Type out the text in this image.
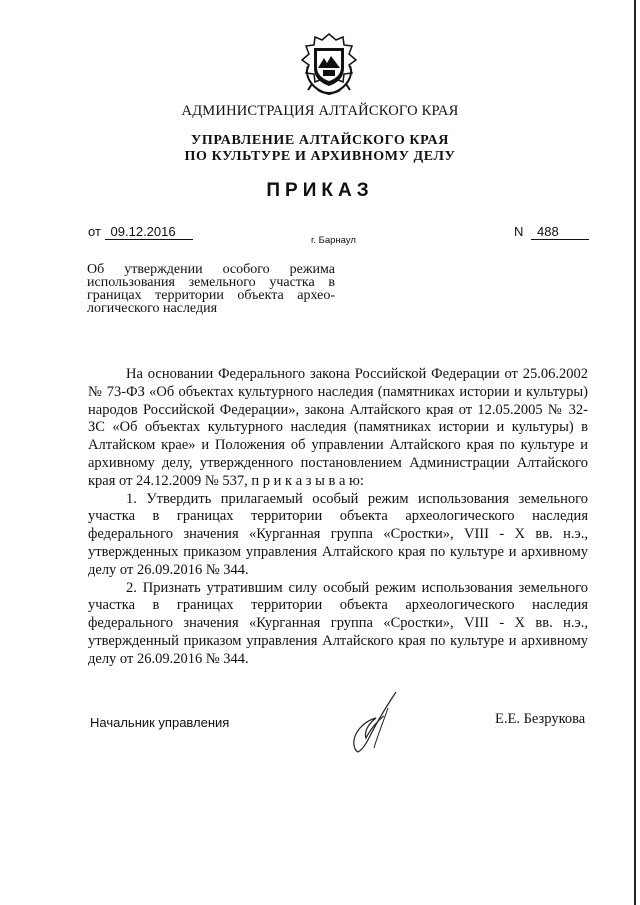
АДМИНИСТРАЦИЯ АЛТАЙСКОГО КРАЯ
УПРАВЛЕНИЕ АЛТАЙСКОГО КРАЯ
ПО КУЛЬТУРЕ И АРХИВНОМУ ДЕЛУ
ПРИКАЗ
от 09.12.2016
г. Барнаул
N 488
Об утверждении особого режима
использования земельного участка в
границах территории объекта архео-
логического наследия

На основании Федерального закона Российской Федерации от 25.06.2002 № 73-ФЗ «Об объектах культурного наследия (памятниках истории и культуры) народов Российской Федерации», закона Алтайского края от 12.05.2005 № 32-ЗС «Об объектах культурного наследия (памятниках истории и культуры) в Алтайском крае» и Положения об управлении Алтайского края по культуре и архивному делу, утвержденного постановлением Администрации Алтайского края от 24.12.2009 № 537, п р и к а з ы в а ю:

1. Утвердить прилагаемый особый режим использования земельного участка в границах территории объекта археологического наследия федерального значения «Курганная группа «Сростки», VIII - X вв. н.э., утвержденных приказом управления Алтайского края по культуре и архивному делу от 26.09.2016 № 344.

2. Признать утратившим силу особый режим использования земельного участка в границах территории объекта археологического наследия федерального значения «Курганная группа «Сростки», VIII - X вв. н.э., утвержденный приказом управления Алтайского края по культуре и архивному делу от 26.09.2016 № 344.

Начальник управления	Е.Е. Безрукова
